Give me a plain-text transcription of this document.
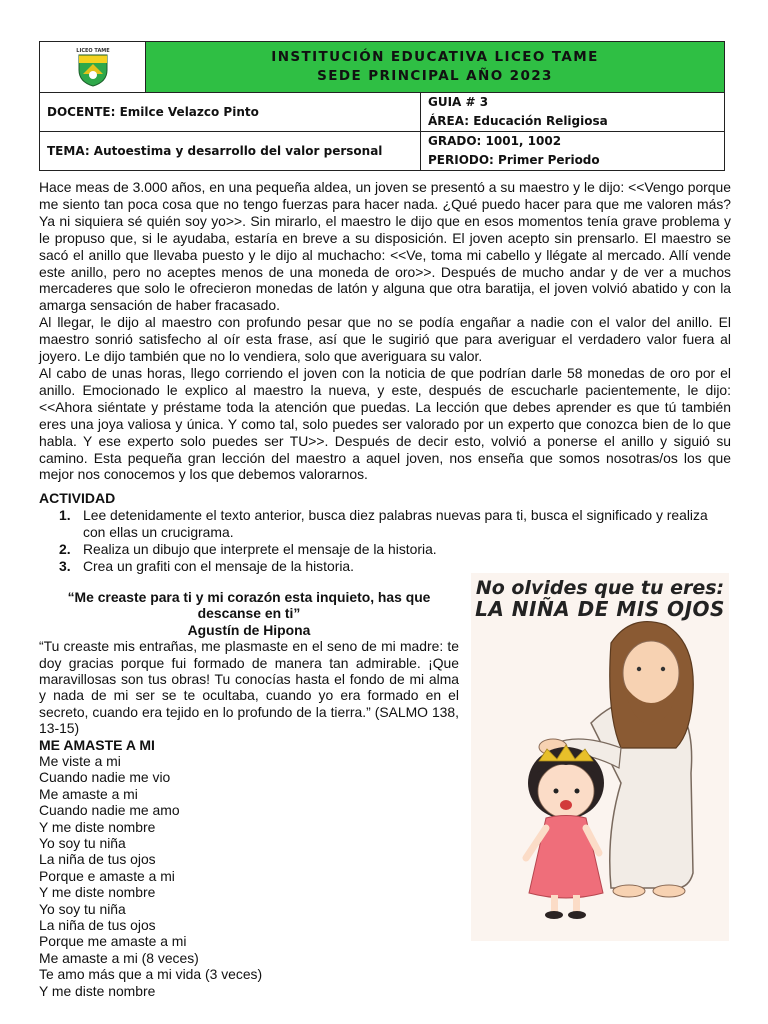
LICEO TAME	INSTITUCIÓN EDUCATIVA LICEO TAME
SEDE PRINCIPAL AÑO 2023
DOCENTE: Emilce Velazco Pinto
GUIA # 3
ÁREA: Educación Religiosa
TEMA: Autoestima y desarrollo del valor personal
GRADO: 1001, 1002
PERIODO: Primer Periodo

Hace meas de 3.000 años, en una pequeña aldea, un joven se presentó a su maestro y le dijo: <<Vengo porque me siento tan poca cosa que no tengo fuerzas para hacer nada. ¿Qué puedo hacer para que me valoren más? Ya ni siquiera sé quién soy yo>>. Sin mirarlo, el maestro le dijo que en esos momentos tenía grave problema y le propuso que, si le ayudaba, estaría en breve a su disposición. El joven acepto sin prensarlo. El maestro se sacó el anillo que llevaba puesto y le dijo al muchacho: <<Ve, toma mi cabello y llégate al mercado. Allí vende este anillo, pero no aceptes menos de una moneda de oro>>. Después de mucho andar y de ver a muchos mercaderes que solo le ofrecieron monedas de latón y alguna que otra baratija, el joven volvió abatido y con la amarga sensación de haber fracasado.

Al llegar, le dijo al maestro con profundo pesar que no se podía engañar a nadie con el valor del anillo. El maestro sonrió satisfecho al oír esta frase, así que le sugirió que para averiguar el verdadero valor fuera al joyero. Le dijo también que no lo vendiera, solo que averiguara su valor.

Al cabo de unas horas, llego corriendo el joven con la noticia de que podrían darle 58 monedas de oro por el anillo. Emocionado le explico al maestro la nueva, y este, después de escucharle pacientemente, le dijo: <<Ahora siéntate y préstame toda la atención que puedas. La lección que debes aprender es que tú también eres una joya valiosa y única. Y como tal, solo puedes ser valorado por un experto que conozca bien de lo que habla. Y ese experto solo puedes ser TU>>. Después de decir esto, volvió a ponerse el anillo y siguió su camino. Esta pequeña gran lección del maestro a aquel joven, nos enseña que somos nosotras/os los que mejor nos conocemos y los que debemos valorarnos.

ACTIVIDAD
1. Lee detenidamente el texto anterior, busca diez palabras nuevas para ti, busca el significado y realiza con ellas un crucigrama.
2. Realiza un dibujo que interprete el mensaje de la historia.
3. Crea un grafiti con el mensaje de la historia.
“Me creaste para ti y mi corazón esta inquieto, has que descanse en ti”
Agustín de Hipona
“Tu creaste mis entrañas, me plasmaste en el seno de mi madre: te doy gracias porque fui formado de manera tan admirable. ¡Que maravillosas son tus obras! Tu conocías hasta el fondo de mi alma y nada de mi ser se te ocultaba, cuando yo era formado en el secreto, cuando era tejido en lo profundo de la tierra.” (SALMO 138, 13-15)
ME AMASTE A MI
Me viste a mi
Cuando nadie me vio
Me amaste a mi
Cuando nadie me amo
Y me diste nombre
Yo soy tu niña
La niña de tus ojos
Porque e amaste a mi
Y me diste nombre
Yo soy tu niña
La niña de tus ojos
Porque me amaste a mi
Me amaste a mi (8 veces)
Te amo más que a mi vida (3 veces)
Y me diste nombre
No olvides que tu eres:
LA NIÑA DE MIS OJOS
